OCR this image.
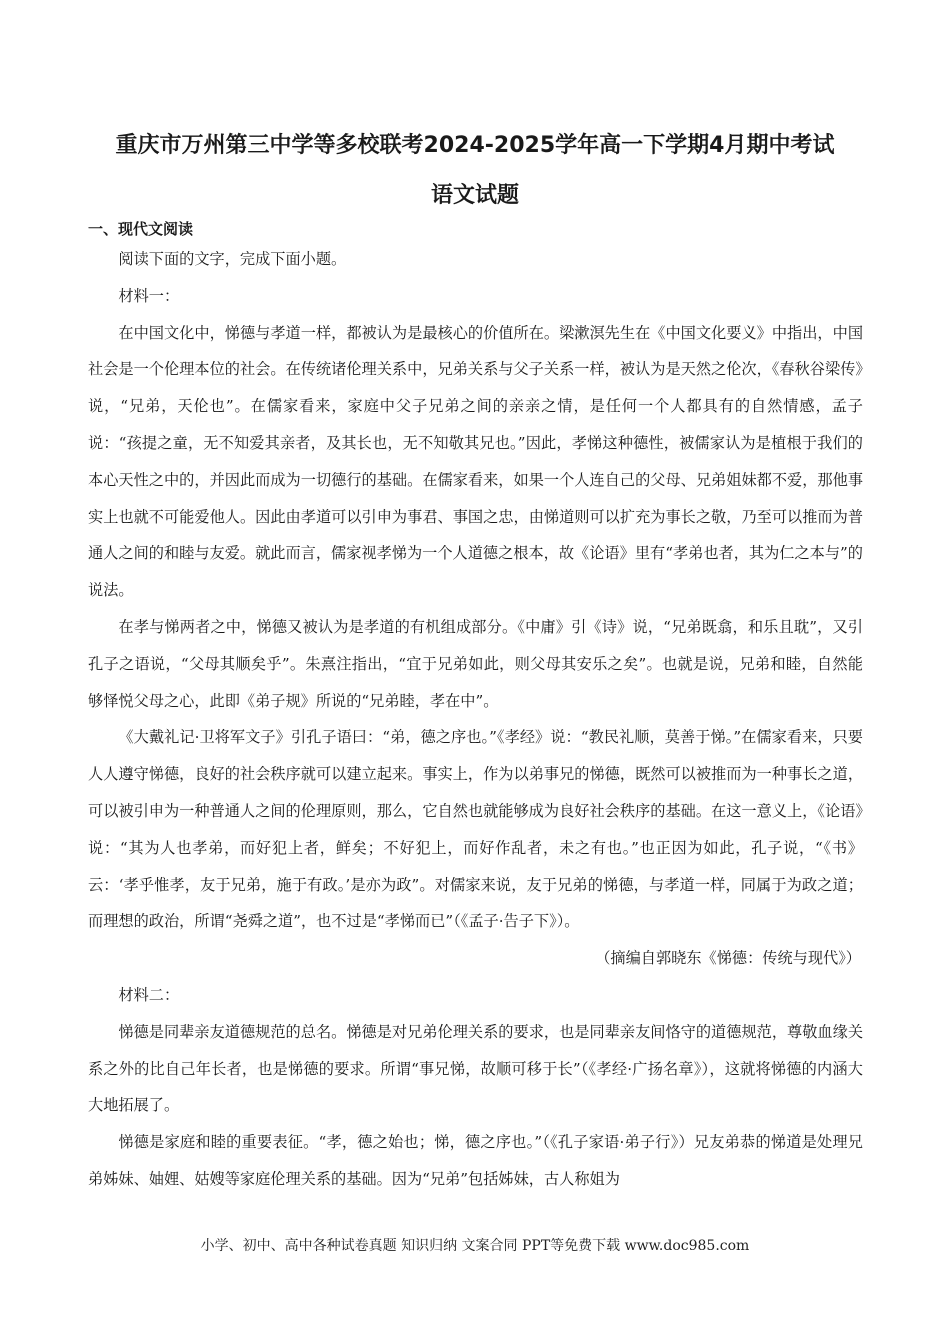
重庆市万州第三中学等多校联考2024-2025学年高一下学期4月期中考试
语文试题
一、现代文阅读

阅读下面的文字，完成下面小题。

材料一：

在中国文化中，悌德与孝道一样，都被认为是最核心的价值所在。梁漱溟先生在《中国文化要义》中指出，中国社会是一个伦理本位的社会。在传统诸伦理关系中，兄弟关系与父子关系一样，被认为是天然之伦次，《春秋谷梁传》说，“兄弟，天伦也”。在儒家看来，家庭中父子兄弟之间的亲亲之情，是任何一个人都具有的自然情感，孟子说：“孩提之童，无不知爱其亲者，及其长也，无不知敬其兄也。”因此，孝悌这种德性，被儒家认为是植根于我们的本心天性之中的，并因此而成为一切德行的基础。在儒家看来，如果一个人连自己的父母、兄弟姐妹都不爱，那他事实上也就不可能爱他人。因此由孝道可以引申为事君、事国之忠，由悌道则可以扩充为事长之敬，乃至可以推而为普通人之间的和睦与友爱。就此而言，儒家视孝悌为一个人道德之根本，故《论语》里有“孝弟也者，其为仁之本与”的说法。

在孝与悌两者之中，悌德又被认为是孝道的有机组成部分。《中庸》引《诗》说，“兄弟既翕，和乐且耽”，又引孔子之语说，“父母其顺矣乎”。朱熹注指出，“宜于兄弟如此，则父母其安乐之矣”。也就是说，兄弟和睦，自然能够怿悦父母之心，此即《弟子规》所说的“兄弟睦，孝在中”。

《大戴礼记·卫将军文子》引孔子语曰：“弟，德之序也。”《孝经》说：“教民礼顺，莫善于悌。”在儒家看来，只要人人遵守悌德，良好的社会秩序就可以建立起来。事实上，作为以弟事兄的悌德，既然可以被推而为一种事长之道，可以被引申为一种普通人之间的伦理原则，那么，它自然也就能够成为良好社会秩序的基础。在这一意义上，《论语》说：“其为人也孝弟，而好犯上者，鲜矣；不好犯上，而好作乱者，未之有也。”也正因为如此，孔子说，“《书》云：‘孝乎惟孝，友于兄弟，施于有政。’是亦为政”。对儒家来说，友于兄弟的悌德，与孝道一样，同属于为政之道；而理想的政治，所谓“尧舜之道”，也不过是“孝悌而已”（《孟子·告子下》）。

（摘编自郭晓东《悌德：传统与现代》）

材料二：

悌德是同辈亲友道德规范的总名。悌德是对兄弟伦理关系的要求，也是同辈亲友间恪守的道德规范，尊敬血缘关系之外的比自己年长者，也是悌德的要求。所谓“事兄悌，故顺可移于长”（《孝经·广扬名章》），这就将悌德的内涵大大地拓展了。

悌德是家庭和睦的重要表征。“孝，德之始也；悌，德之序也。”（《孔子家语·弟子行》）兄友弟恭的悌道是处理兄弟姊妹、妯娌、姑嫂等家庭伦理关系的基础。因为“兄弟”包括姊妹，古人称姐为

小学、初中、高中各种试卷真题 知识归纳 文案合同 PPT等免费下载 www.doc985.com
